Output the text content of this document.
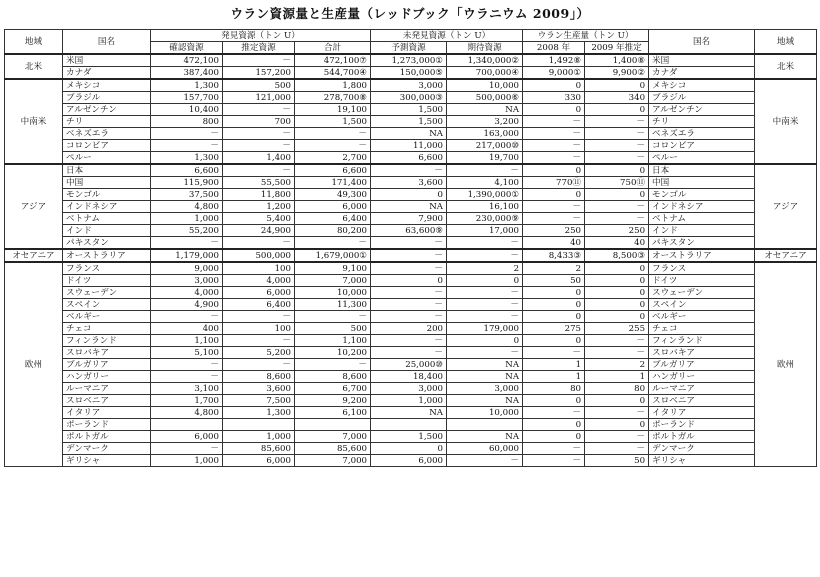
ウラン資源量と生産量（レッドブック「ウラニウム 2009」）
地域	国名	発見資源（トン U）			未発見資源（トン U）		ウラン生産量（トン U）		国名	地域
		確認資源	推定資源	合計	予測資源	期待資源	2008 年	2009 年推定		
北米	米国	472,100	－	472,100⑦	1,273,000①	1,340,000②	1,492⑧	1,400⑧	米国	北米
	カナダ	387,400	157,200	544,700④	150,000⑤	700,000④	9,000①	9,900②	カナダ	
中南米	メキシコ	1,300	500	1,800	3,000	10,000	0	0	メキシコ	中南米
	ブラジル	157,700	121,000	278,700⑧	300,000③	500,000⑥	330	340	ブラジル	
	アルゼンチン	10,400	－	19,100	1,500	NA	0	0	アルゼンチン	
	チリ	800	700	1,500	1,500	3,200	－	－	チリ	
	ベネズエラ	－	－	－	NA	163,000	－	－	ベネズエラ	
	コロンビア	－	－	－	11,000	217,000⑩	－	－	コロンビア	
	ペルー	1,300	1,400	2,700	6,600	19,700	－	－	ペルー	
アジア	日本	6,600	－	6,600	－	－	0	0	日本	アジア
	中国	115,900	55,500	171,400	3,600	4,100	770⑪	750⑪	中国	
	モンゴル	37,500	11,800	49,300	0	1,390,000①	0	0	モンゴル	
	インドネシア	4,800	1,200	6,000	NA	16,100	－	－	インドネシア	
	ベトナム	1,000	5,400	6,400	7,900	230,000⑨	－	－	ベトナム	
	インド	55,200	24,900	80,200	63,600⑨	17,000	250	250	インド	
	パキスタン	－	－	－	－	－	40	40	パキスタン	
オセアニア	オーストラリア	1,179,000	500,000	1,679,000①	－	－	8,433③	8,500③	オーストラリア	オセアニア
欧州	フランス	9,000	100	9,100	－	2	2	0	フランス	欧州
	ドイツ	3,000	4,000	7,000	0	0	50	0	ドイツ	
	スウェーデン	4,000	6,000	10,000	－	－	0	0	スウェーデン	
	スペイン	4,900	6,400	11,300	－	－	0	0	スペイン	
	ベルギー	－	－	－	－	－	0	0	ベルギー	
	チェコ	400	100	500	200	179,000	275	255	チェコ	
	フィンランド	1,100	－	1,100	－	0	0	－	フィンランド	
	スロバキア	5,100	5,200	10,200	－	－	－	－	スロバキア	
	ブルガリア	－	－	－	25,000⑩	NA	1	2	ブルガリア	
	ハンガリー	－	8,600	8,600	18,400	NA	1	1	ハンガリー	
	ルーマニア	3,100	3,600	6,700	3,000	3,000	80	80	ルーマニア	
	スロベニア	1,700	7,500	9,200	1,000	NA	0	0	スロベニア	
	イタリア	4,800	1,300	6,100	NA	10,000	－	－	イタリア	
	ポーランド						0	0	ポーランド	
	ポルトガル	6,000	1,000	7,000	1,500	NA	0	－	ポルトガル	
	デンマーク	－	85,600	85,600	0	60,000	－	－	デンマーク	
	ギリシャ	1,000	6,000	7,000	6,000	－	－	50	ギリシャ	
